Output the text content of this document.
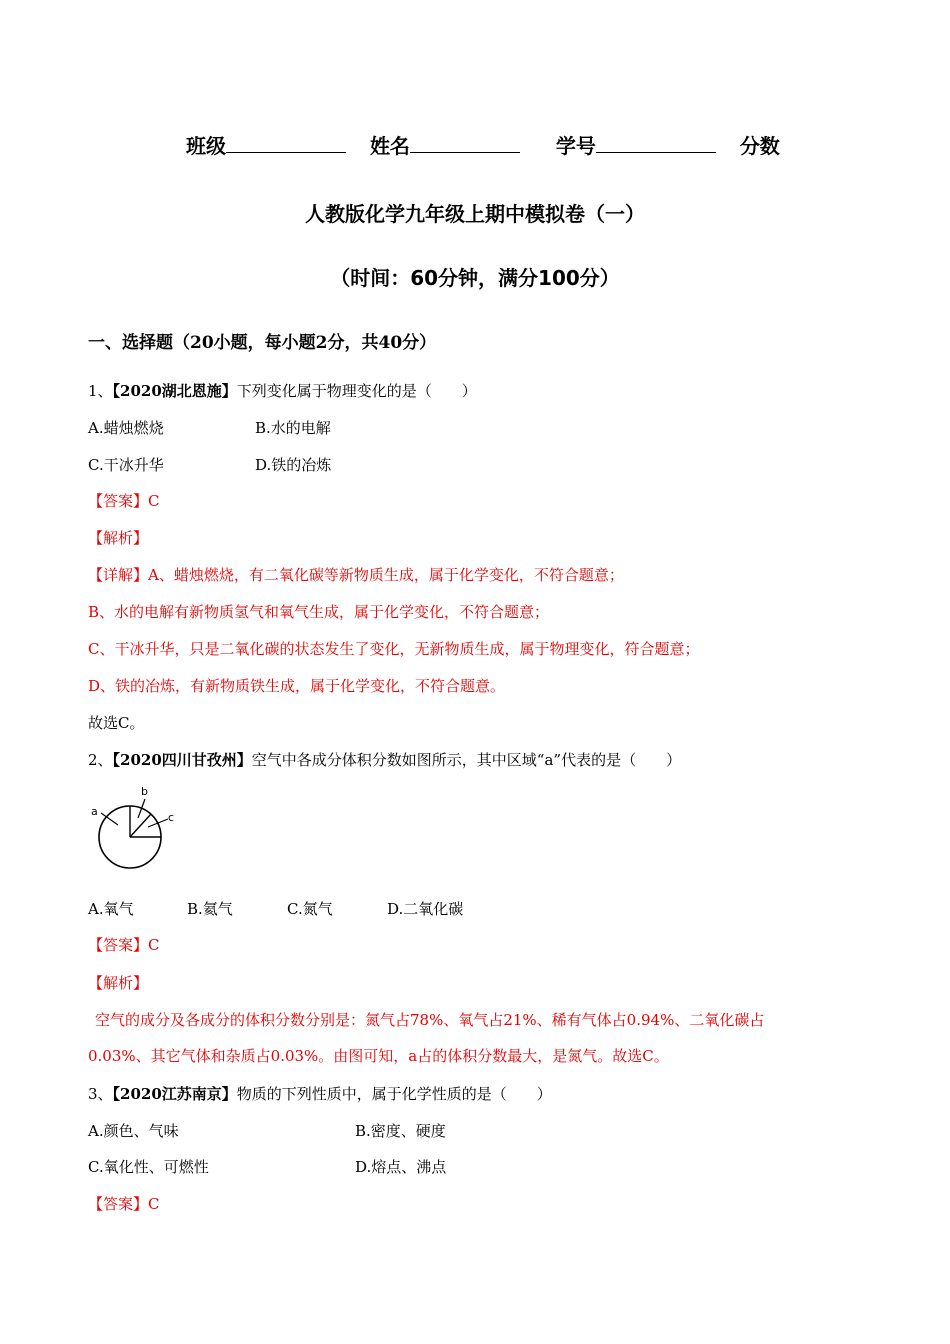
班级	姓名	学号	分数
人教版化学九年级上期中模拟卷（一）
（时间：60分钟，满分100分）
一、选择题（20小题，每小题2分，共40分）
1、【2020湖北恩施】下列变化属于物理变化的是（　　）
A.蜡烛燃烧	B.水的电解
C.干冰升华	D.铁的冶炼
【答案】C
【解析】
【详解】A、蜡烛燃烧，有二氧化碳等新物质生成，属于化学变化，不符合题意；
B、水的电解有新物质氢气和氧气生成，属于化学变化，不符合题意；
C、干冰升华，只是二氧化碳的状态发生了变化，无新物质生成，属于物理变化，符合题意；
D、铁的冶炼，有新物质铁生成，属于化学变化，不符合题意。
故选C。
2、【2020四川甘孜州】空气中各成分体积分数如图所示，其中区域“a”代表的是（　　）
a
b
c
A.氧气	B.氦气	C.氮气	D.二氧化碳
【答案】C
【解析】
空气的成分及各成分的体积分数分别是：氮气占78%、氧气占21%、稀有气体占0.94%、二氧化碳占
0.03%、其它气体和杂质占0.03%。由图可知，a占的体积分数最大，是氮气。故选C。
3、【2020江苏南京】物质的下列性质中，属于化学性质的是（　　）
A.颜色、气味	B.密度、硬度
C.氧化性、可燃性	D.熔点、沸点
【答案】C
